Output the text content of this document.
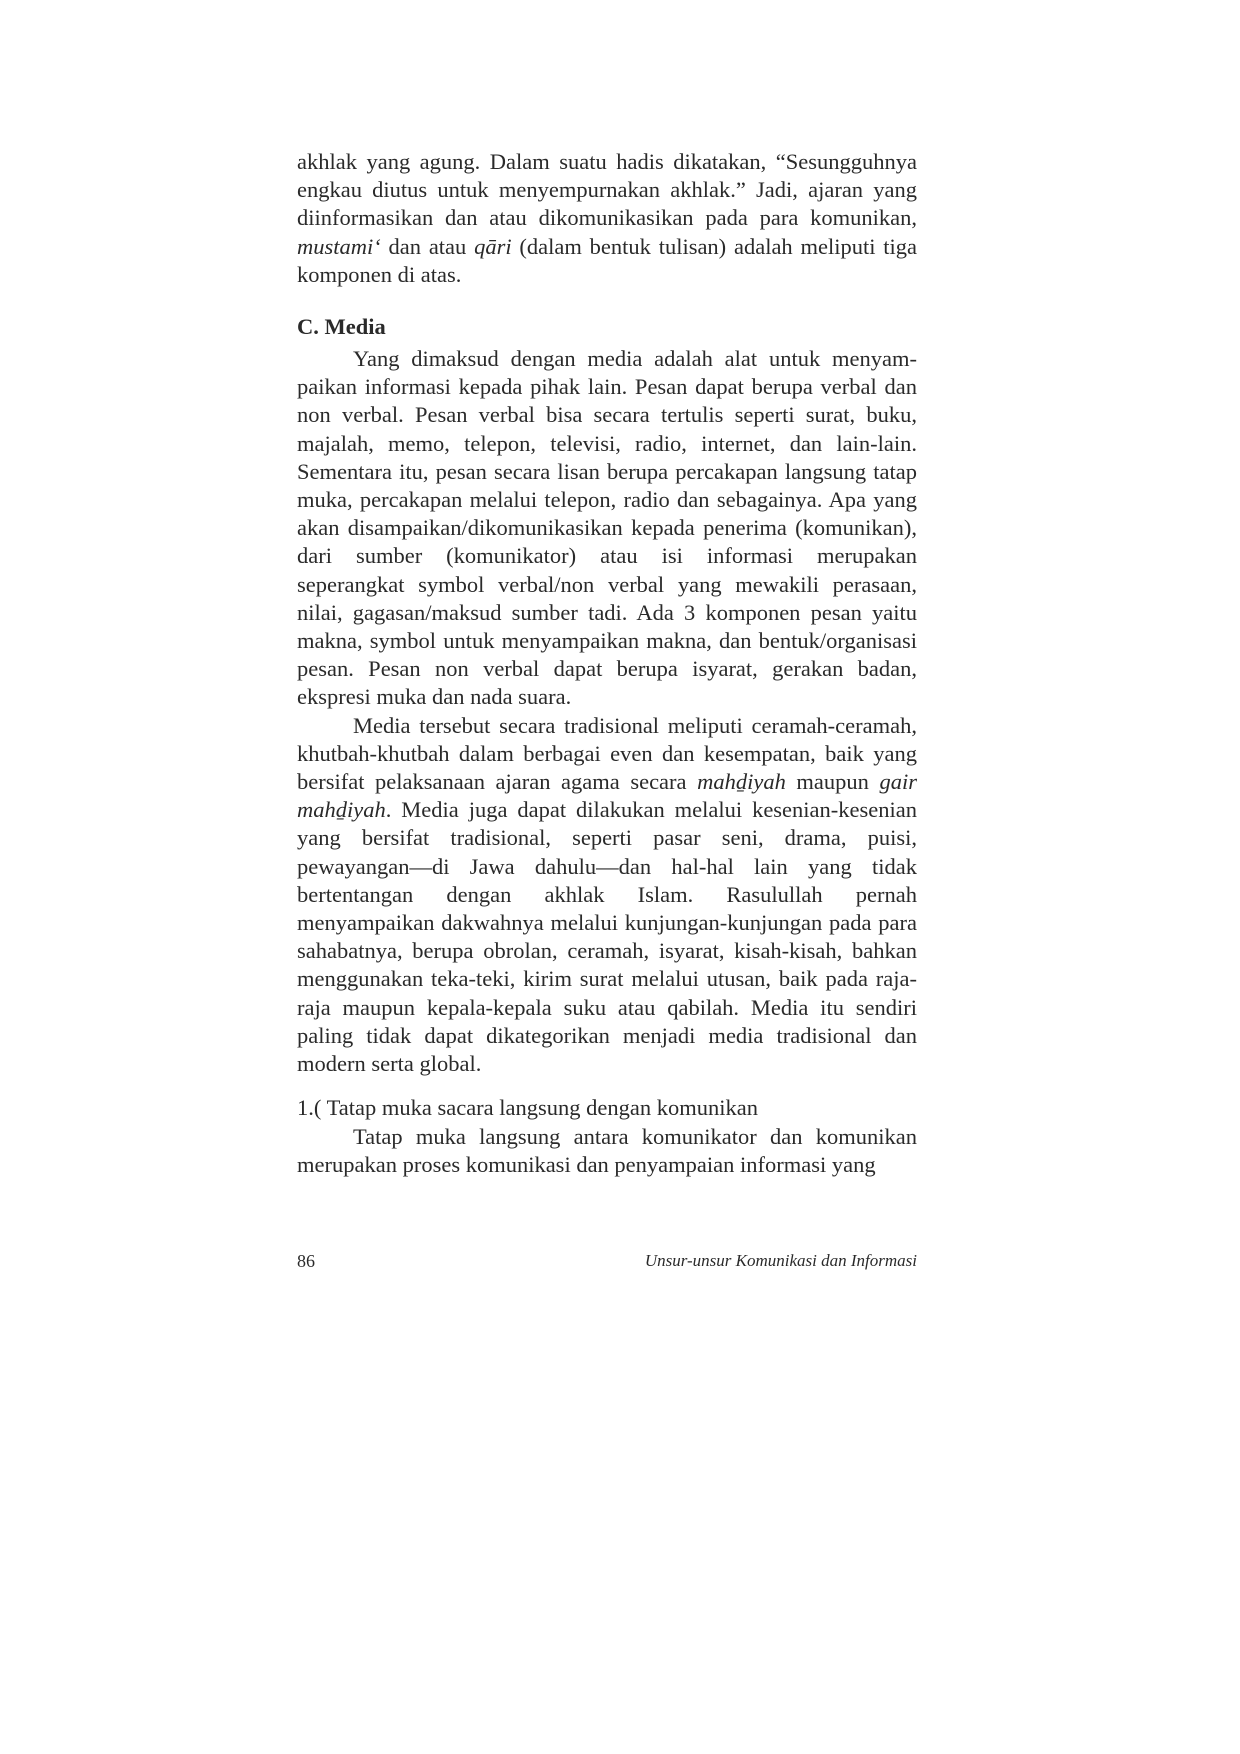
akhlak yang agung. Dalam suatu hadis dikatakan, “Sesungguhnya engkau diutus untuk menyempurnakan akhlak.” Jadi, ajaran yang diinformasikan dan atau dikomunikasikan pada para komunikan, mustami‘ dan atau qāri (dalam bentuk tulisan) adalah meliputi tiga komponen di atas.

C. Media

Yang dimaksud dengan media adalah alat untuk menyampaikan informasi kepada pihak lain. Pesan dapat berupa verbal dan non verbal. Pesan verbal bisa secara tertulis seperti surat, buku, majalah, memo, telepon, televisi, radio, internet, dan lain-lain. Sementara itu, pesan secara lisan berupa percakapan langsung tatap muka, percakapan melalui telepon, radio dan sebagainya. Apa yang akan disampaikan/dikomunikasikan kepada penerima (komunikan), dari sumber (komunikator) atau isi informasi merupakan seperangkat symbol verbal/non verbal yang mewakili perasaan, nilai, gagasan/maksud sumber tadi. Ada 3 komponen pesan yaitu makna, symbol untuk menyampaikan makna, dan bentuk/organisasi pesan. Pesan non verbal dapat berupa isyarat, gerakan badan, ekspresi muka dan nada suara.

Media tersebut secara tradisional meliputi ceramah-ceramah, khutbah-khutbah dalam berbagai even dan kesempatan, baik yang bersifat pelaksanaan ajaran agama secara mahḏiyah maupun gair mahḏiyah. Media juga dapat dilakukan melalui kesenian-kesenian yang bersifat tradisional, seperti pasar seni, drama, puisi, pewayangan—di Jawa dahulu—dan hal-hal lain yang tidak bertentangan dengan akhlak Islam. Rasulullah pernah menyampaikan dakwahnya melalui kunjungan-kunjungan pada para sahabatnya, berupa obrolan, ceramah, isyarat, kisah-kisah, bahkan menggunakan teka-teki, kirim surat melalui utusan, baik pada raja-raja maupun kepala-kepala suku atau qabilah. Media itu sendiri paling tidak dapat dikategorikan menjadi media tradisional dan modern serta global.

1.( Tatap muka sacara langsung dengan komunikan

Tatap muka langsung antara komunikator dan komunikan merupakan proses komunikasi dan penyampaian informasi yang

86	Unsur-unsur Komunikasi dan Informasi
